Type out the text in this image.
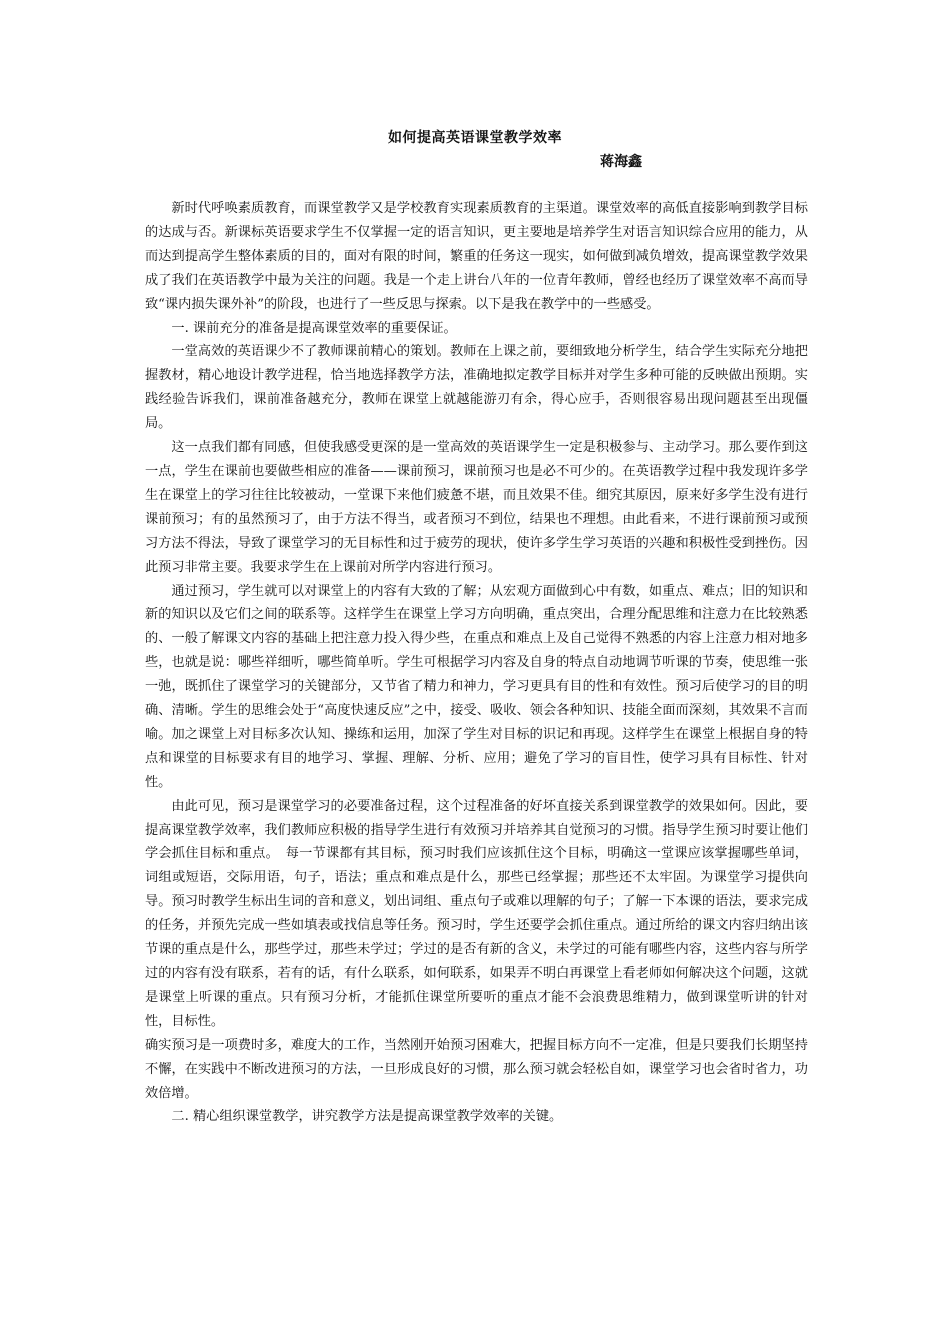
如何提高英语课堂教学效率
蒋海鑫

新时代呼唤素质教育，而课堂教学又是学校教育实现素质教育的主渠道。课堂效率的高低直接影响到教学目标的达成与否。新课标英语要求学生不仅掌握一定的语言知识，更主要地是培养学生对语言知识综合应用的能力，从而达到提高学生整体素质的目的，面对有限的时间，繁重的任务这一现实，如何做到减负增效，提高课堂教学效果成了我们在英语教学中最为关注的问题。我是一个走上讲台八年的一位青年教师，曾经也经历了课堂效率不高而导致“课内损失课外补”的阶段，也进行了一些反思与探索。以下是我在教学中的一些感受。

一. 课前充分的准备是提高课堂效率的重要保证。

一堂高效的英语课少不了教师课前精心的策划。教师在上课之前，要细致地分析学生，结合学生实际充分地把握教材，精心地设计教学进程，恰当地选择教学方法，准确地拟定教学目标并对学生多种可能的反映做出预期。实践经验告诉我们，课前准备越充分，教师在课堂上就越能游刃有余，得心应手，否则很容易出现问题甚至出现僵局。

这一点我们都有同感，但使我感受更深的是一堂高效的英语课学生一定是积极参与、主动学习。那么要作到这一点，学生在课前也要做些相应的准备——课前预习，课前预习也是必不可少的。在英语教学过程中我发现许多学生在课堂上的学习往往比较被动，一堂课下来他们疲惫不堪，而且效果不佳。细究其原因，原来好多学生没有进行课前预习；有的虽然预习了，由于方法不得当，或者预习不到位，结果也不理想。由此看来，不进行课前预习或预习方法不得法，导致了课堂学习的无目标性和过于疲劳的现状，使许多学生学习英语的兴趣和积极性受到挫伤。因此预习非常主要。我要求学生在上课前对所学内容进行预习。

通过预习，学生就可以对课堂上的内容有大致的了解；从宏观方面做到心中有数，如重点、难点；旧的知识和新的知识以及它们之间的联系等。这样学生在课堂上学习方向明确，重点突出，合理分配思维和注意力在比较熟悉的、一般了解课文内容的基础上把注意力投入得少些，在重点和难点上及自己觉得不熟悉的内容上注意力相对地多些，也就是说：哪些祥细听，哪些简单听。学生可根据学习内容及自身的特点自动地调节听课的节奏，使思维一张一弛，既抓住了课堂学习的关键部分，又节省了精力和神力，学习更具有目的性和有效性。预习后使学习的目的明确、清晰。学生的思维会处于“高度快速反应”之中，接受、吸收、领会各种知识、技能全面而深刻，其效果不言而喻。加之课堂上对目标多次认知、操练和运用，加深了学生对目标的识记和再现。这样学生在课堂上根据自身的特点和课堂的目标要求有目的地学习、掌握、理解、分析、应用；避免了学习的盲目性，使学习具有目标性、针对性。

由此可见，预习是课堂学习的必要准备过程，这个过程准备的好坏直接关系到课堂教学的效果如何。因此，要提高课堂教学效率，我们教师应积极的指导学生进行有效预习并培养其自觉预习的习惯。指导学生预习时要让他们学会抓住目标和重点。　每一节课都有其目标，预习时我们应该抓住这个目标，明确这一堂课应该掌握哪些单词，词组或短语，交际用语，句子，语法；重点和难点是什么，那些已经掌握；那些还不太牢固。为课堂学习提供向导。预习时教学生标出生词的音和意义，划出词组、重点句子或难以理解的句子；了解一下本课的语法，要求完成的任务，并预先完成一些如填表或找信息等任务。预习时，学生还要学会抓住重点。通过所给的课文内容归纳出该节课的重点是什么，那些学过，那些未学过；学过的是否有新的含义，未学过的可能有哪些内容，这些内容与所学过的内容有没有联系，若有的话，有什么联系，如何联系，如果弄不明白再课堂上看老师如何解决这个问题，这就是课堂上听课的重点。只有预习分析，才能抓住课堂所要听的重点才能不会浪费思维精力，做到课堂听讲的针对性，目标性。

确实预习是一项费时多，难度大的工作，当然刚开始预习困难大，把握目标方向不一定准，但是只要我们长期坚持不懈，在实践中不断改进预习的方法，一旦形成良好的习惯，那么预习就会轻松自如，课堂学习也会省时省力，功效倍增。

二. 精心组织课堂教学，讲究教学方法是提高课堂教学效率的关键。
